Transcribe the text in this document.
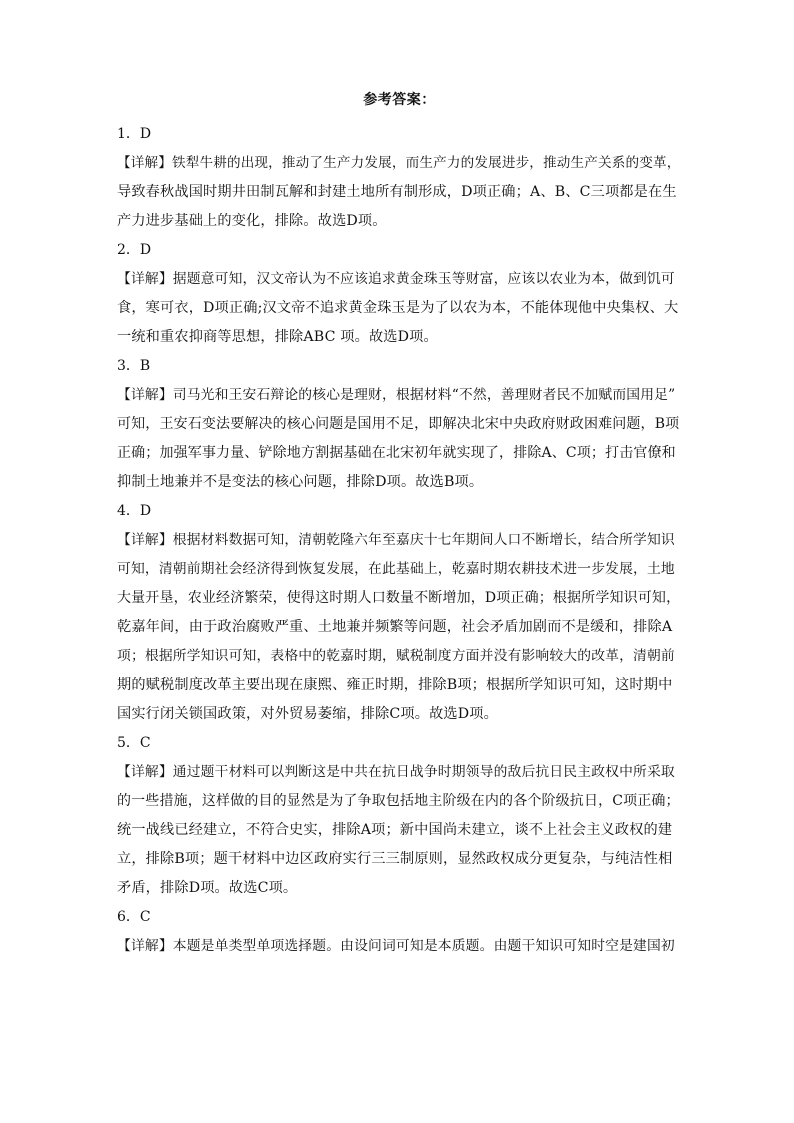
参考答案：
1．D
【详解】铁犁牛耕的出现，推动了生产力发展，而生产力的发展进步，推动生产关系的变革，
导致春秋战国时期井田制瓦解和封建土地所有制形成，D项正确；A、B、C三项都是在生
产力进步基础上的变化，排除。故选D项。
2．D
【详解】据题意可知，汉文帝认为不应该追求黄金珠玉等财富，应该以农业为本，做到饥可
食，寒可衣，D项正确;汉文帝不追求黄金珠玉是为了以农为本，不能体现他中央集权、大
一统和重农抑商等思想，排除ABC 项。故选D项。
3．B
【详解】司马光和王安石辩论的核心是理财，根据材料“不然，善理财者民不加赋而国用足”
可知，王安石变法要解决的核心问题是国用不足，即解决北宋中央政府财政困难问题，B项
正确；加强军事力量、铲除地方割据基础在北宋初年就实现了，排除A、C项；打击官僚和
抑制土地兼并不是变法的核心问题，排除D项。故选B项。
4．D
【详解】根据材料数据可知，清朝乾隆六年至嘉庆十七年期间人口不断增长，结合所学知识
可知，清朝前期社会经济得到恢复发展，在此基础上，乾嘉时期农耕技术进一步发展，土地
大量开垦，农业经济繁荣，使得这时期人口数量不断增加，D项正确；根据所学知识可知，
乾嘉年间，由于政治腐败严重、土地兼并频繁等问题，社会矛盾加剧而不是缓和，排除A
项；根据所学知识可知，表格中的乾嘉时期，赋税制度方面并没有影响较大的改革，清朝前
期的赋税制度改革主要出现在康熙、雍正时期，排除B项；根据所学知识可知，这时期中
国实行闭关锁国政策，对外贸易萎缩，排除C项。故选D项。
5．C
【详解】通过题干材料可以判断这是中共在抗日战争时期领导的敌后抗日民主政权中所采取
的一些措施，这样做的目的显然是为了争取包括地主阶级在内的各个阶级抗日，C项正确；
统一战线已经建立，不符合史实，排除A项；新中国尚未建立，谈不上社会主义政权的建
立，排除B项；题干材料中边区政府实行三三制原则，显然政权成分更复杂，与纯洁性相
矛盾，排除D项。故选C项。
6．C
【详解】本题是单类型单项选择题。由设问词可知是本质题。由题干知识可知时空是建国初
